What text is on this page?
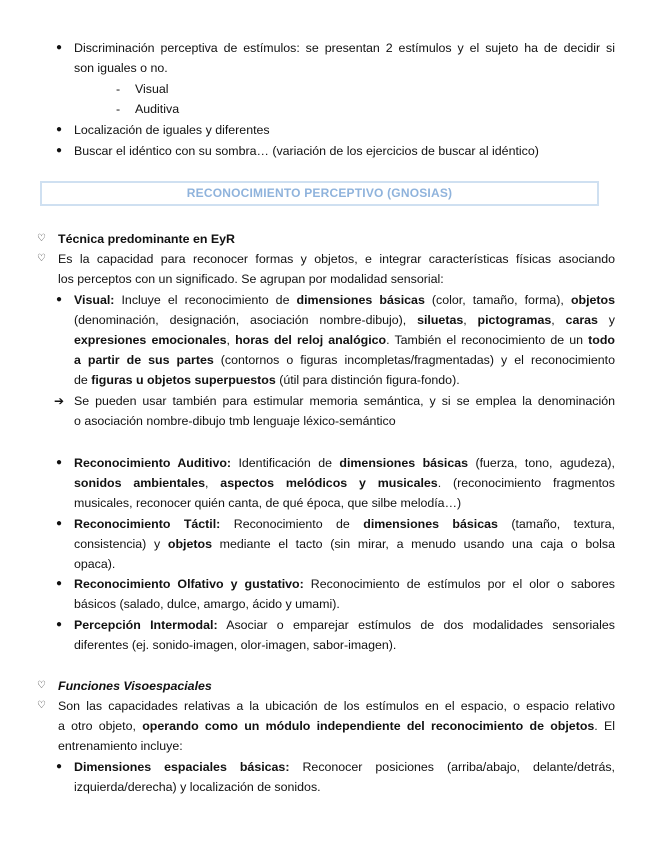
● Discriminación perceptiva de estímulos: se presentan 2 estímulos y el sujeto ha de decidir si
son iguales o no.
- Visual
- Auditiva
● Localización de iguales y diferentes
● Buscar el idéntico con su sombra… (variación de los ejercicios de buscar al idéntico)
RECONOCIMIENTO PERCEPTIVO (GNOSIAS)
♡ Técnica predominante en EyR
♡ Es la capacidad para reconocer formas y objetos, e integrar características físicas asociando
los perceptos con un significado. Se agrupan por modalidad sensorial:
● Visual: Incluye el reconocimiento de dimensiones básicas (color, tamaño, forma), objetos
(denominación, designación, asociación nombre-dibujo), siluetas, pictogramas, caras y
expresiones emocionales, horas del reloj analógico. También el reconocimiento de un todo
a partir de sus partes (contornos o figuras incompletas/fragmentadas) y el reconocimiento
de figuras u objetos superpuestos (útil para distinción figura-fondo).
➔ Se pueden usar también para estimular memoria semántica, y si se emplea la denominación
o asociación nombre-dibujo tmb lenguaje léxico-semántico
● Reconocimiento Auditivo: Identificación de dimensiones básicas (fuerza, tono, agudeza),
sonidos ambientales, aspectos melódicos y musicales. (reconocimiento fragmentos
musicales, reconocer quién canta, de qué época, que silbe melodía…)
● Reconocimiento Táctil: Reconocimiento de dimensiones básicas (tamaño, textura,
consistencia) y objetos mediante el tacto (sin mirar, a menudo usando una caja o bolsa
opaca).
● Reconocimiento Olfativo y gustativo: Reconocimiento de estímulos por el olor o sabores
básicos (salado, dulce, amargo, ácido y umami).
● Percepción Intermodal: Asociar o emparejar estímulos de dos modalidades sensoriales
diferentes (ej. sonido-imagen, olor-imagen, sabor-imagen).
♡ Funciones Visoespaciales
♡ Son las capacidades relativas a la ubicación de los estímulos en el espacio, o espacio relativo
a otro objeto, operando como un módulo independiente del reconocimiento de objetos. El
entrenamiento incluye:
● Dimensiones espaciales básicas: Reconocer posiciones (arriba/abajo, delante/detrás,
izquierda/derecha) y localización de sonidos.
